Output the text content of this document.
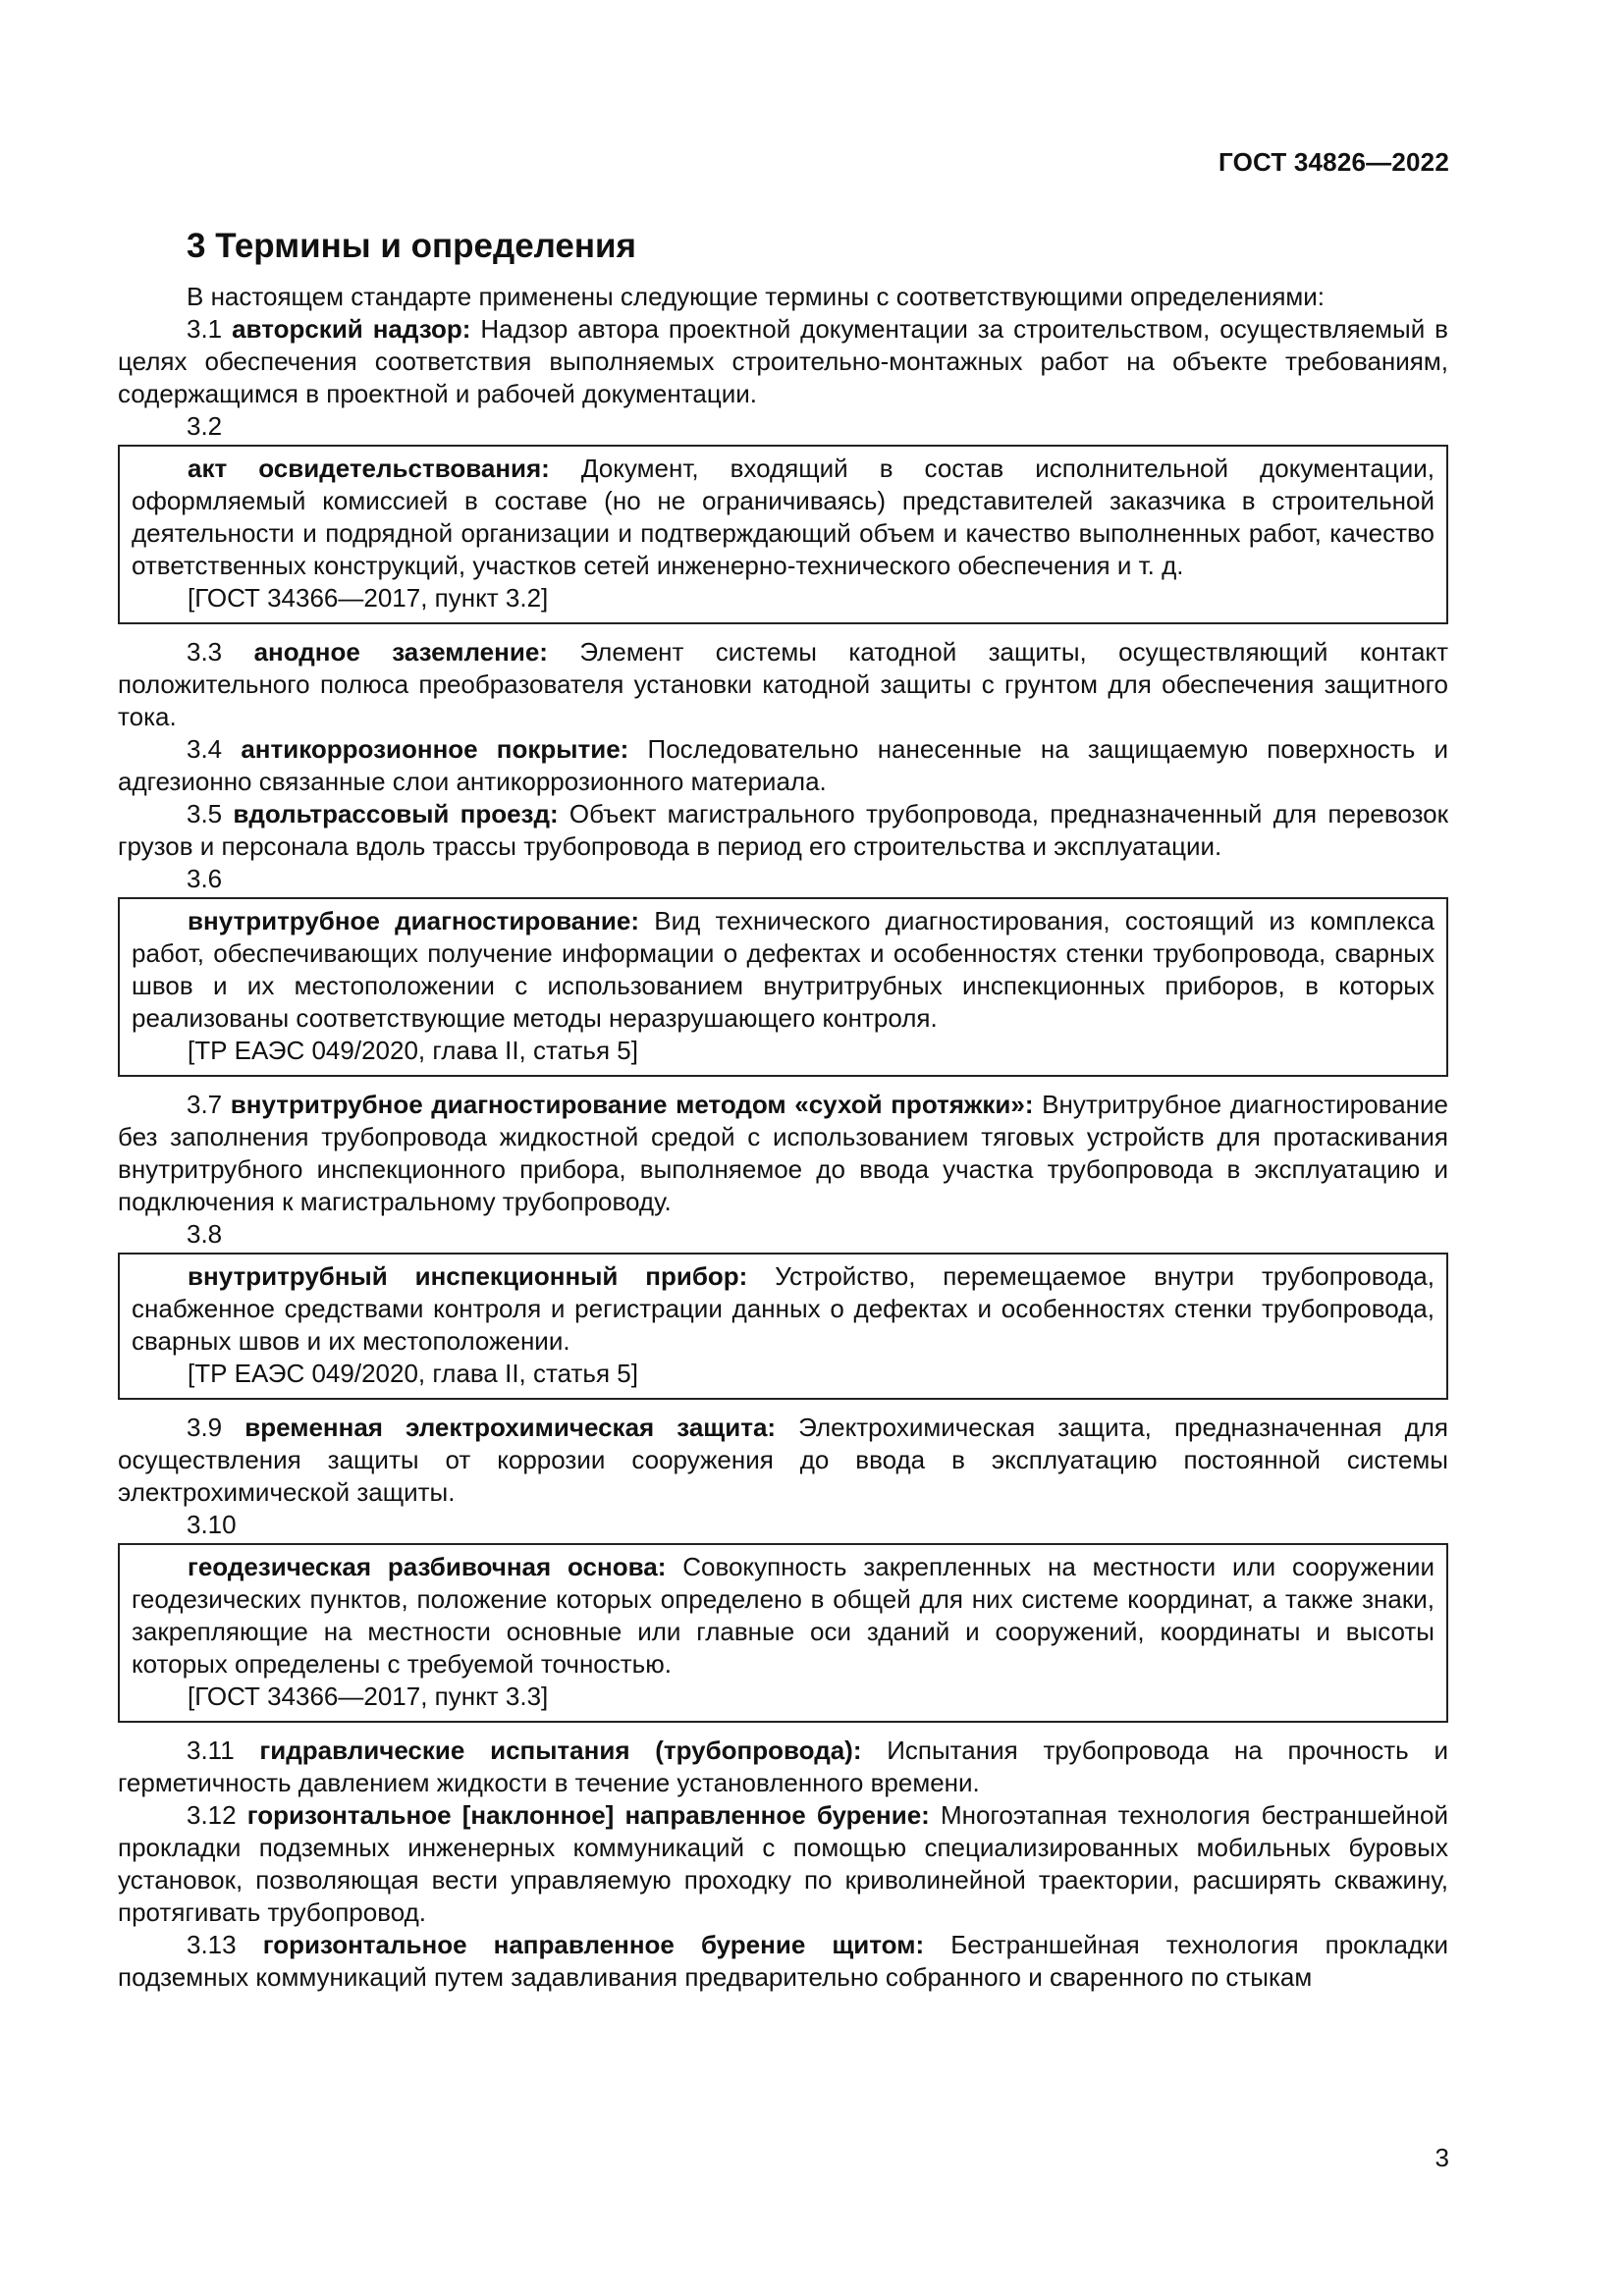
ГОСТ 34826—2022
3 Термины и определения

В настоящем стандарте применены следующие термины с соответствующими определениями:

3.1 авторский надзор: Надзор автора проектной документации за строительством, осуществляемый в целях обеспечения соответствия выполняемых строительно-монтажных работ на объекте требованиям, содержащимся в проектной и рабочей документации.

3.2

акт освидетельствования: Документ, входящий в состав исполнительной документации, оформляемый комиссией в составе (но не ограничиваясь) представителей заказчика в строительной деятельности и подрядной организации и подтверждающий объем и качество выполненных работ, качество ответственных конструкций, участков сетей инженерно-технического обеспечения и т. д.

[ГОСТ 34366—2017, пункт 3.2]

3.3 анодное заземление: Элемент системы катодной защиты, осуществляющий контакт положительного полюса преобразователя установки катодной защиты с грунтом для обеспечения защитного тока.

3.4 антикоррозионное покрытие: Последовательно нанесенные на защищаемую поверхность и адгезионно связанные слои антикоррозионного материала.

3.5 вдольтрассовый проезд: Объект магистрального трубопровода, предназначенный для перевозок грузов и персонала вдоль трассы трубопровода в период его строительства и эксплуатации.

3.6

внутритрубное диагностирование: Вид технического диагностирования, состоящий из комплекса работ, обеспечивающих получение информации о дефектах и особенностях стенки трубопровода, сварных швов и их местоположении с использованием внутритрубных инспекционных приборов, в которых реализованы соответствующие методы неразрушающего контроля.

[ТР ЕАЭС 049/2020, глава II, статья 5]

3.7 внутритрубное диагностирование методом «сухой протяжки»: Внутритрубное диагностирование без заполнения трубопровода жидкостной средой с использованием тяговых устройств для протаскивания внутритрубного инспекционного прибора, выполняемое до ввода участка трубопровода в эксплуатацию и подключения к магистральному трубопроводу.

3.8

внутритрубный инспекционный прибор: Устройство, перемещаемое внутри трубопровода, снабженное средствами контроля и регистрации данных о дефектах и особенностях стенки трубопровода, сварных швов и их местоположении.

[ТР ЕАЭС 049/2020, глава II, статья 5]

3.9 временная электрохимическая защита: Электрохимическая защита, предназначенная для осуществления защиты от коррозии сооружения до ввода в эксплуатацию постоянной системы электрохимической защиты.

3.10

геодезическая разбивочная основа: Совокупность закрепленных на местности или сооружении геодезических пунктов, положение которых определено в общей для них системе координат, а также знаки, закрепляющие на местности основные или главные оси зданий и сооружений, координаты и высоты которых определены с требуемой точностью.

[ГОСТ 34366—2017, пункт 3.3]

3.11 гидравлические испытания (трубопровода): Испытания трубопровода на прочность и герметичность давлением жидкости в течение установленного времени.

3.12 горизонтальное [наклонное] направленное бурение: Многоэтапная технология бестраншейной прокладки подземных инженерных коммуникаций с помощью специализированных мобильных буровых установок, позволяющая вести управляемую проходку по криволинейной траектории, расширять скважину, протягивать трубопровод.

3.13 горизонтальное направленное бурение щитом: Бестраншейная технология прокладки подземных коммуникаций путем задавливания предварительно собранного и сваренного по стыкам

3
